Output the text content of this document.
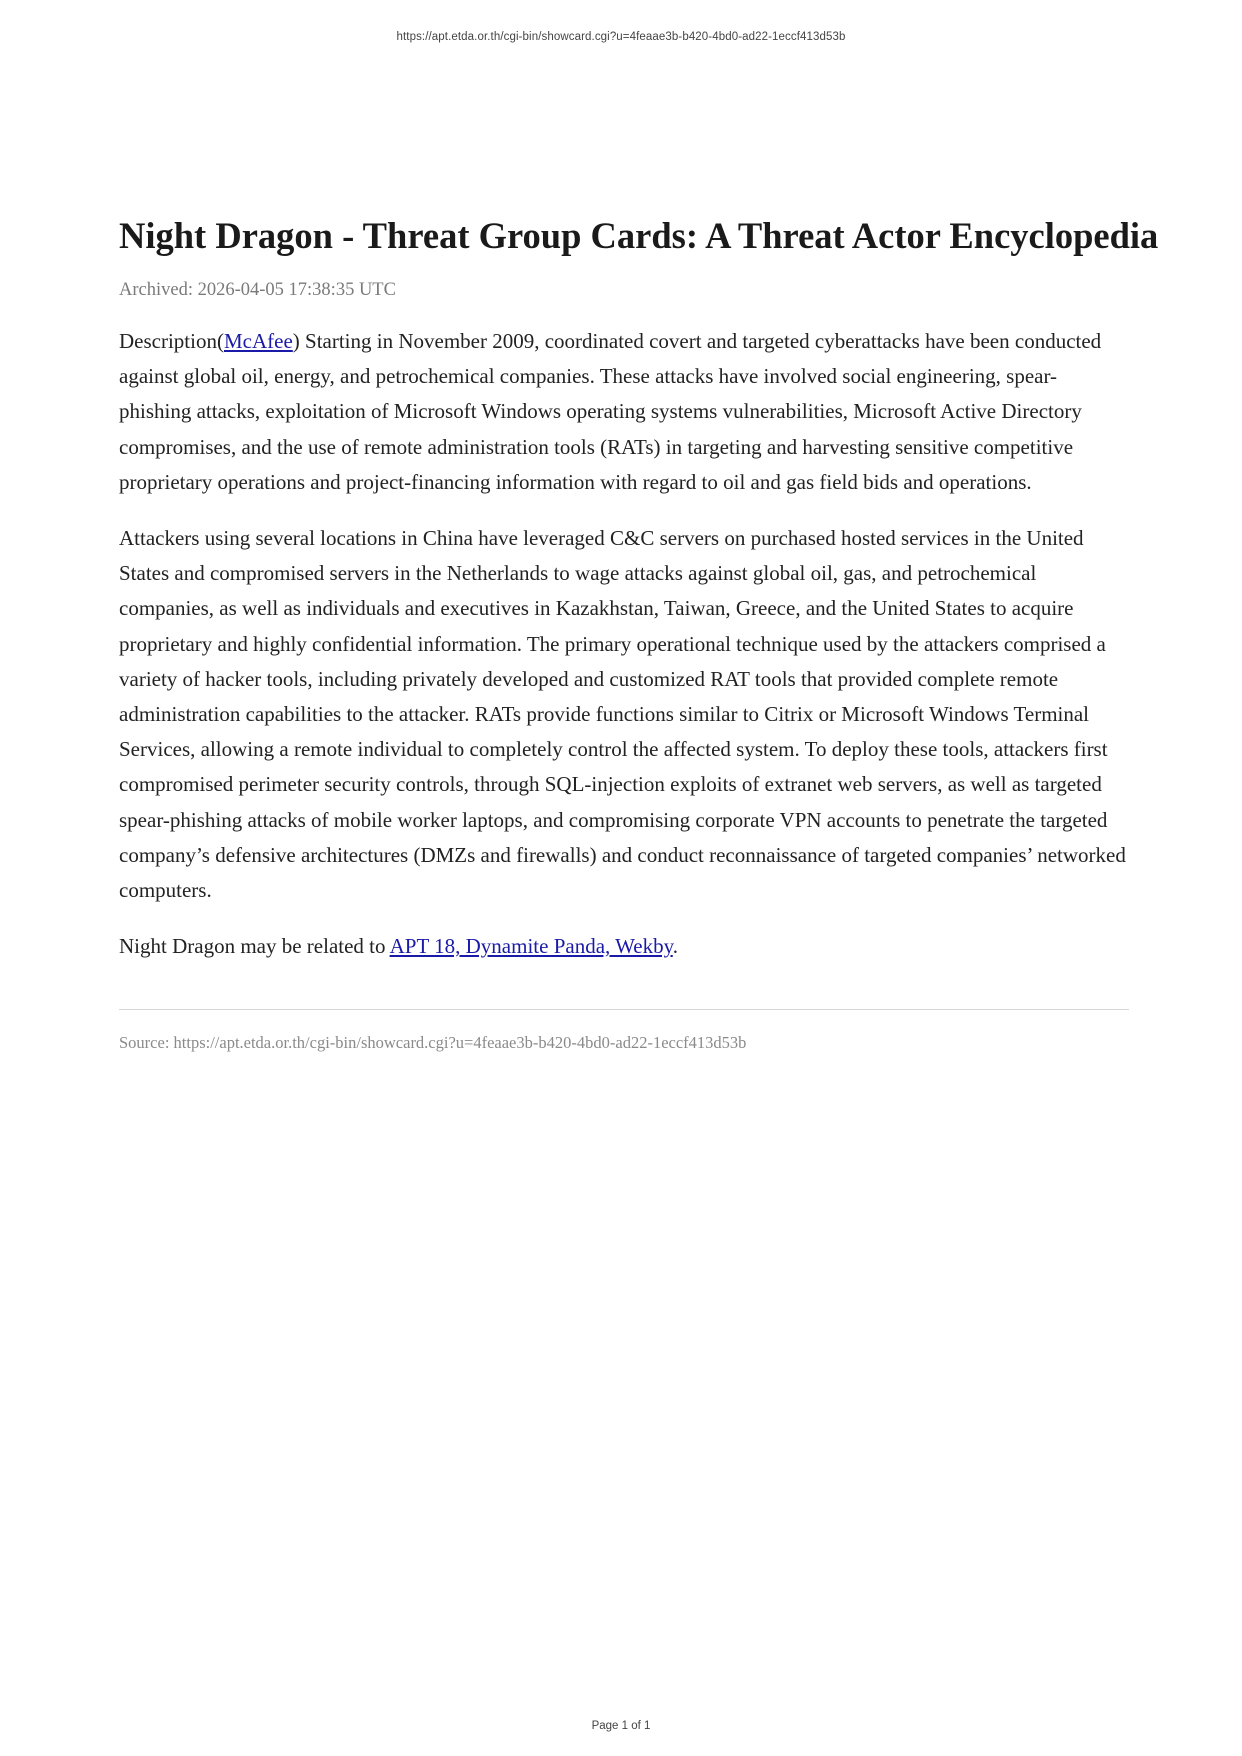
https://apt.etda.or.th/cgi-bin/showcard.cgi?u=4feaae3b-b420-4bd0-ad22-1eccf413d53b
Night Dragon - Threat Group Cards: A Threat Actor Encyclopedia
Archived: 2026-04-05 17:38:35 UTC

Description(McAfee) Starting in November 2009, coordinated covert and targeted cyberattacks have been conducted against global oil, energy, and petrochemical companies. These attacks have involved social engineering, spear-phishing attacks, exploitation of Microsoft Windows operating systems vulnerabilities, Microsoft Active Directory compromises, and the use of remote administration tools (RATs) in targeting and harvesting sensitive competitive proprietary operations and project-financing information with regard to oil and gas field bids and operations.

Attackers using several locations in China have leveraged C&C servers on purchased hosted services in the United States and compromised servers in the Netherlands to wage attacks against global oil, gas, and petrochemical companies, as well as individuals and executives in Kazakhstan, Taiwan, Greece, and the United States to acquire proprietary and highly confidential information. The primary operational technique used by the attackers comprised a variety of hacker tools, including privately developed and customized RAT tools that provided complete remote administration capabilities to the attacker. RATs provide functions similar to Citrix or Microsoft Windows Terminal Services, allowing a remote individual to completely control the affected system. To deploy these tools, attackers first compromised perimeter security controls, through SQL-injection exploits of extranet web servers, as well as targeted spear-phishing attacks of mobile worker laptops, and compromising corporate VPN accounts to penetrate the targeted company’s defensive architectures (DMZs and firewalls) and conduct reconnaissance of targeted companies’ networked computers.

Night Dragon may be related to APT 18, Dynamite Panda, Wekby.

Source: https://apt.etda.or.th/cgi-bin/showcard.cgi?u=4feaae3b-b420-4bd0-ad22-1eccf413d53b
Page 1 of 1
